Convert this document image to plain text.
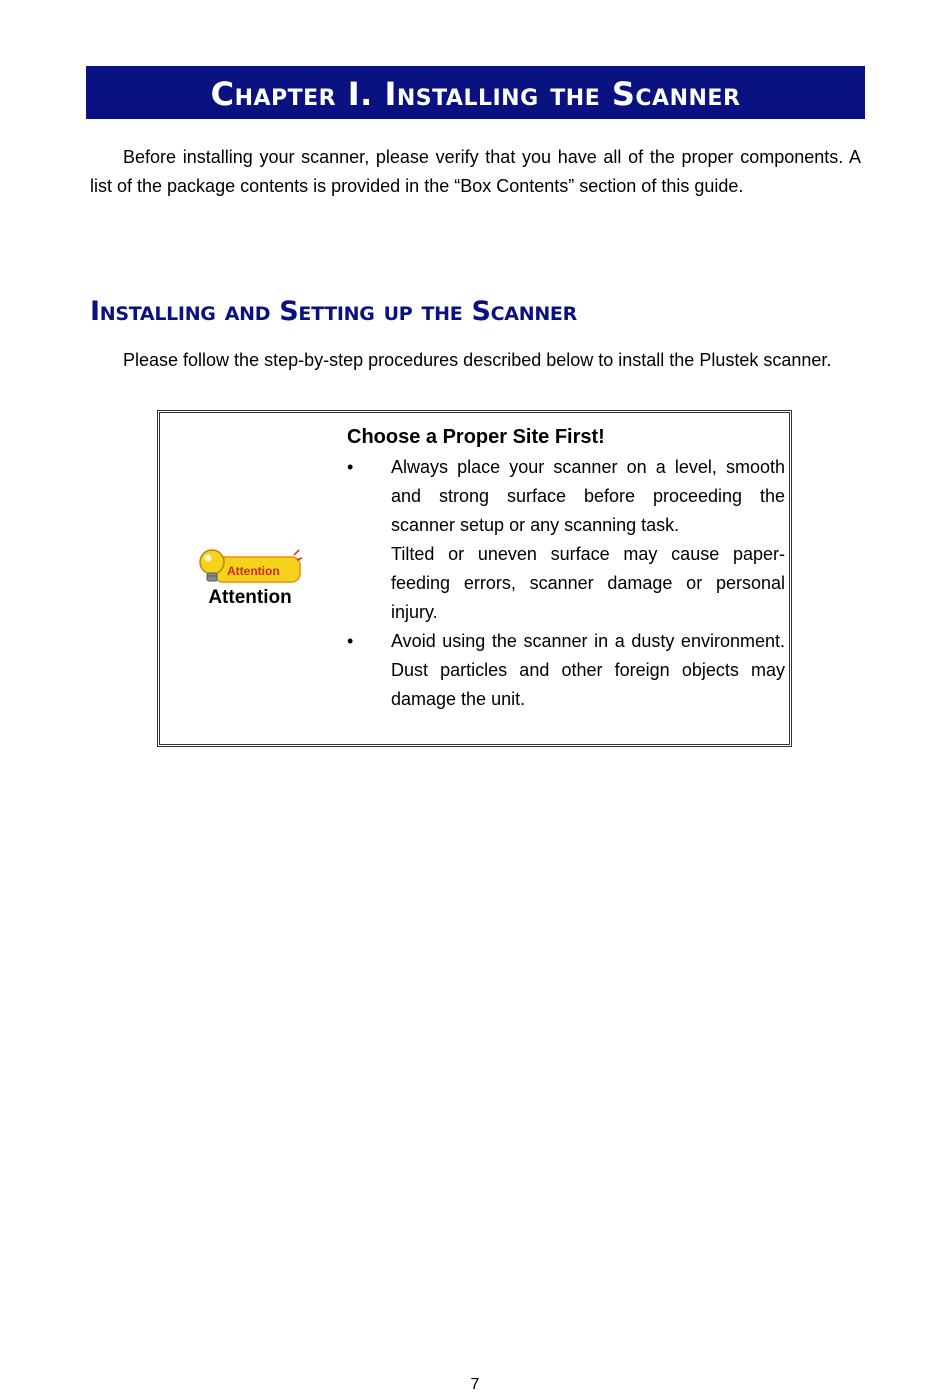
Chapter I. Installing the Scanner

Before installing your scanner, please verify that you have all of the proper components. A list of the package contents is provided in the “Box Contents” section of this guide.

Installing and Setting up the Scanner

Please follow the step-by-step procedures described below to install the Plustek scanner.

Attention
Attention

Choose a Proper Site First!

• Always place your scanner on a level, smooth and strong surface before proceeding the scanner setup or any scanning task.
Tilted or uneven surface may cause paper-feeding errors, scanner damage or personal injury.
• Avoid using the scanner in a dusty environment. Dust particles and other foreign objects may damage the unit.
7
